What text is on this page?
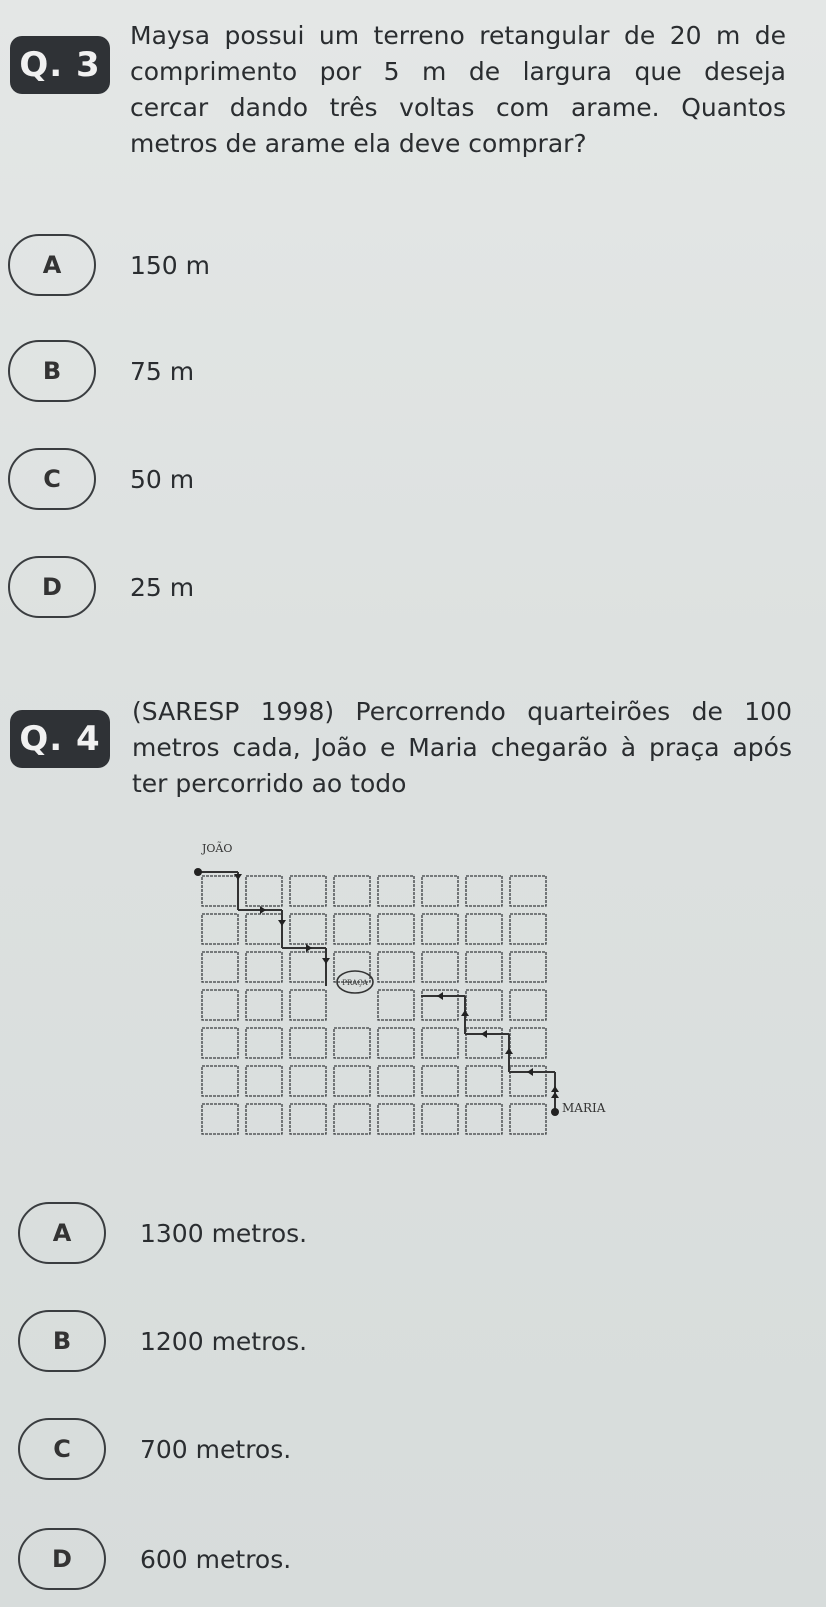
Q. 3
Maysa possui um terreno retangular de 20 m de
comprimento por 5 m de largura que deseja
cercar dando três voltas com arame. Quantos
metros de arame ela deve comprar?
A	150 m
B	75 m
C	50 m
D	25 m
Q. 4
(SARESP 1998) Percorrendo quarteirões de 100
metros cada, João e Maria chegarão à praça após
ter percorrido ao todo
PRAÇA
JOÃO
MARIA
A	1300 metros.
B	1200 metros.
C	700 metros.
D	600 metros.
